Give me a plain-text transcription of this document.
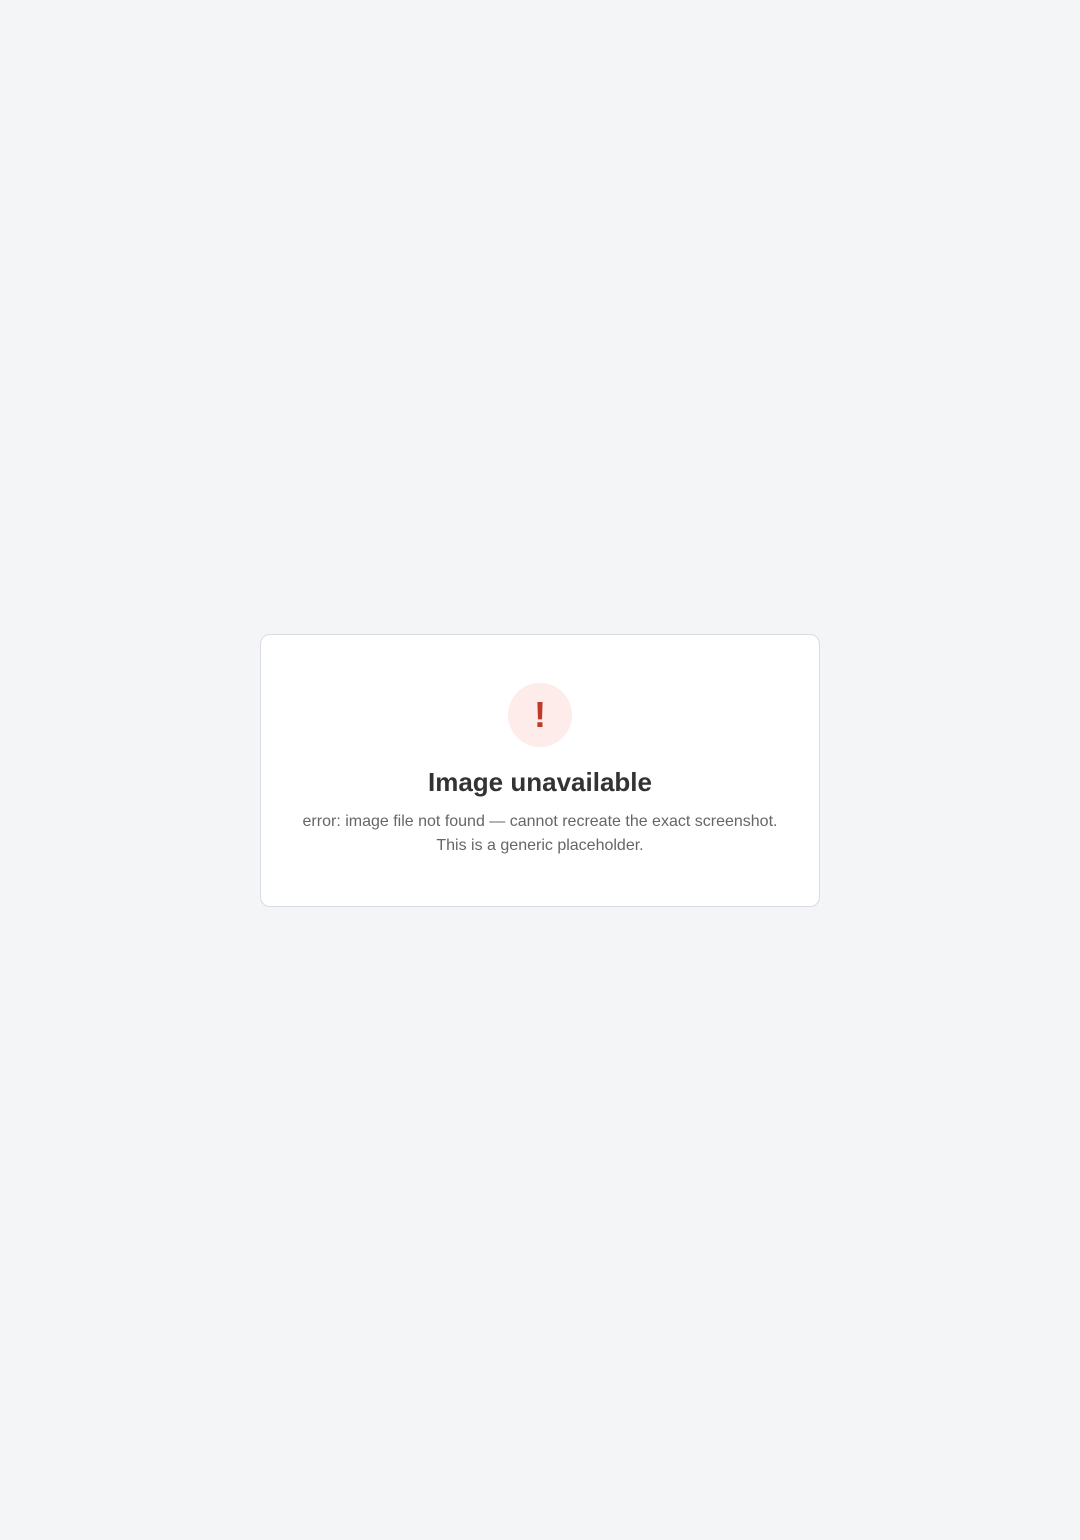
!
Image unavailable

error: image file not found — cannot recreate the exact screenshot. This is a generic placeholder.
